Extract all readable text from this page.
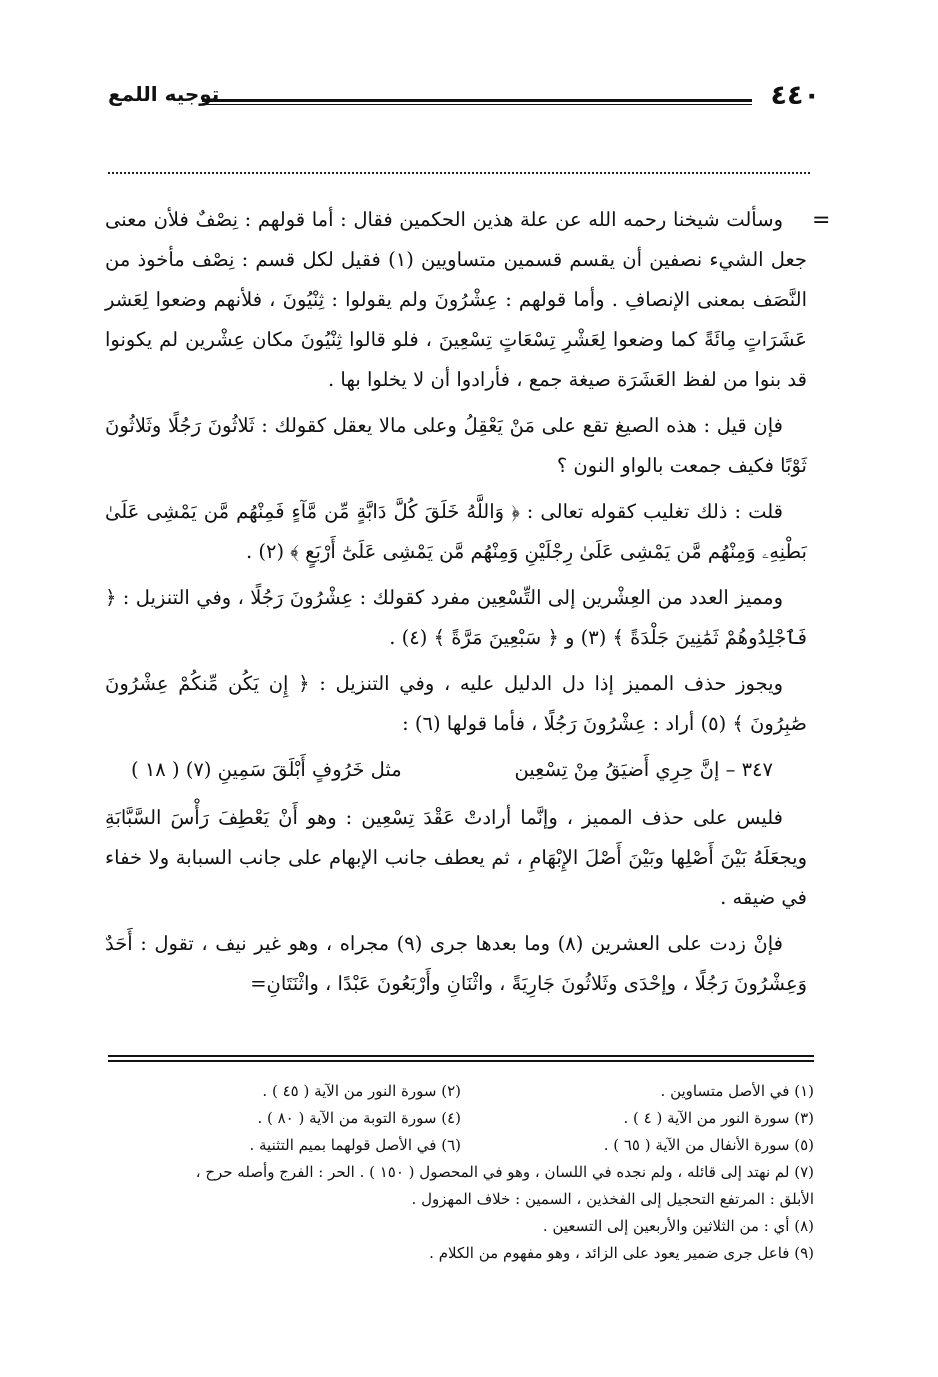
توجيه اللمع	٤٤٠
=

وسألت شيخنا رحمه الله عن علة هذين الحكمين فقال : أما قولهم : نِصْفٌ فلأن معنى جعل الشيء نصفين أن يقسم قسمين متساويين (١) فقيل لكل قسم : نِصْف مأخوذ من النَّصَف بمعنى الإنصافِ . وأما قولهم : عِشْرُونَ ولم يقولوا : ثِنْيُونَ ، فلأنهم وضعوا لِعَشر عَشَرَاتٍ مِائَةً كما وضعوا لِعَشْرِ تِسْعَاتٍ تِسْعِينَ ، فلو قالوا ثِنْيُونَ مكان عِشْرين لم يكونوا قد بنوا من لفظ العَشَرَة صيغة جمع ، فأرادوا أن لا يخلوا بها .

فإن قيل : هذه الصيغ تقع على مَنْ يَعْقِلُ وعلى مالا يعقل كقولك : ثَلاثُونَ رَجُلًا وثَلاثُونَ ثَوْبًا فكيف جمعت بالواو النون ؟

قلت : ذلك تغليب كقوله تعالى : ﴿ وَاللَّهُ خَلَقَ كُلَّ دَابَّةٍ مِّن مَّآءٍ فَمِنْهُم مَّن يَمْشِى عَلَىٰ بَطْنِهِۦ وَمِنْهُم مَّن يَمْشِى عَلَىٰ رِجْلَيْنِ وَمِنْهُم مَّن يَمْشِى عَلَىٰٓ أَرْبَعٍ ﴾ (٢) .

ومميز العدد من العِشْرين إلى التِّسْعِين مفرد كقولك : عِشْرُونَ رَجُلًا ، وفي التنزيل : ﴿ فَٱجْلِدُوهُمْ ثَمَٰنِينَ جَلْدَةً ﴾ (٣) و ﴿ سَبْعِينَ مَرَّةً ﴾ (٤) .

ويجوز حذف المميز إذا دل الدليل عليه ، وفي التنزيل : ﴿ إِن يَكُن مِّنكُمْ عِشْرُونَ صَٰبِرُونَ ﴾ (٥) أراد : عِشْرُونَ رَجُلًا ، فأما قولها (٦) :

٣٤٧ – إنَّ حِرِي أَضيَقُ مِنْ تِسْعِين
مثل خَرُوفٍ أَبْلَقَ سَمِينِ (٧) ( ١٨ )

فليس على حذف المميز ، وإنَّما أرادتْ عَقْدَ تِسْعِين : وهو أَنْ يَعْطِفَ رَأْسَ السَّبَّابَةِ ويجعَلَهُ بَيْنَ أَصْلِها وبَيْنَ أَصْلَ الإِبْهَامِ ، ثم يعطف جانب الإبهام على جانب السبابة ولا خفاء في ضيقه .

فإنْ زدت على العشرين (٨) وما بعدها جرى (٩) مجراه ، وهو غير نيف ، تقول : أَحَدٌ وَعِشْرُونَ رَجُلًا ، وإحْدَى وثَلاثُونَ جَارِيَةً ، واثْنَانِ وأَرْبَعُونَ عَبْدًا ، واثْنَتَانِ=

(١) في الأصل متساوين .
(٢) سورة النور من الآية ( ٤٥ ) .
(٣) سورة النور من الآية ( ٤ ) .
(٤) سورة التوبة من الآية ( ٨٠ ) .
(٥) سورة الأنفال من الآية ( ٦٥ ) .
(٦) في الأصل قولهما بميم التثنية .
(٧) لم نهتد إلى قائله ، ولم نجده في اللسان ، وهو في المحصول ( ١٥٠ ) . الحر : الفرج وأصله حرح ،
الأبلق : المرتفع التحجيل إلى الفخذين ، السمين : خلاف المهزول .
(٨) أي : من الثلاثين والأربعين إلى التسعين .
(٩) فاعل جرى ضمير يعود على الزائد ، وهو مفهوم من الكلام .
